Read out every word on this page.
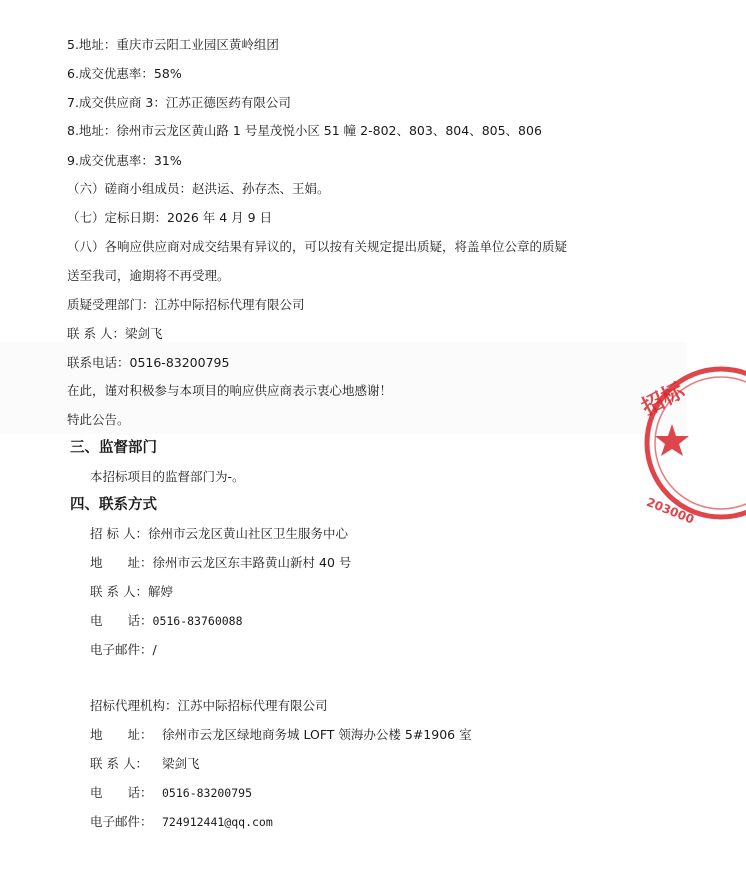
5.地址：重庆市云阳工业园区黄岭组团
6.成交优惠率：58%
7.成交供应商 3：江苏正德医药有限公司
8.地址：徐州市云龙区黄山路 1 号星茂悦小区 51 幢 2-802、803、804、805、806
9.成交优惠率：31%
（六）磋商小组成员：赵洪运、孙存杰、王娟。
（七）定标日期：2026 年 4 月 9 日
（八）各响应供应商对成交结果有异议的，可以按有关规定提出质疑，将盖单位公章的质疑
送至我司，逾期将不再受理。
质疑受理部门：江苏中际招标代理有限公司
联 系 人：梁剑飞
联系电话：0516-83200795
在此，谨对积极参与本项目的响应供应商表示衷心地感谢！
特此公告。
三、监督部门
本招标项目的监督部门为-。
四、联系方式
招 标 人：徐州市云龙区黄山社区卫生服务中心
地　　址：徐州市云龙区东丰路黄山新村 40 号
联 系 人：解婷
电　　话：0516-83760088
电子邮件：/
招标代理机构：江苏中际招标代理有限公司
地　　址： 徐州市云龙区绿地商务城 LOFT 领海办公楼 5#1906 室
联 系 人： 梁剑飞
电　　话： 0516-83200795
电子邮件： 724912441@qq.com
招标
203000
